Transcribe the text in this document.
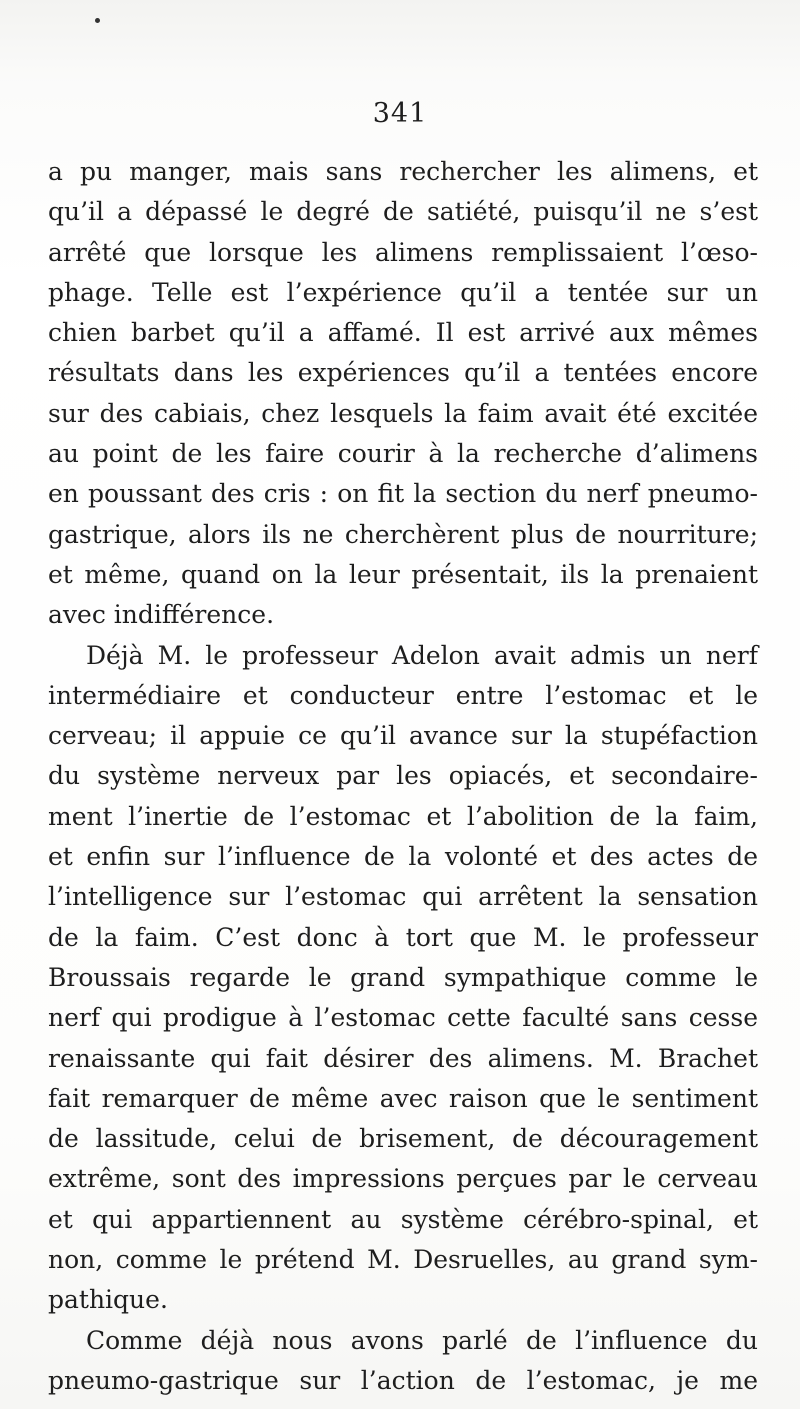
341
a pu manger, mais sans rechercher les alimens, et
qu’il a dépassé le degré de satiété, puisqu’il ne s’est
arrêté que lorsque les alimens remplissaient l’œso-
phage. Telle est l’expérience qu’il a tentée sur un
chien barbet qu’il a affamé. Il est arrivé aux mêmes
résultats dans les expériences qu’il a tentées encore
sur des cabiais, chez lesquels la faim avait été excitée
au point de les faire courir à la recherche d’alimens
en poussant des cris : on fit la section du nerf pneumo-
gastrique, alors ils ne cherchèrent plus de nourriture;
et même, quand on la leur présentait, ils la prenaient
avec indifférence.
Déjà M. le professeur Adelon avait admis un nerf
intermédiaire et conducteur entre l’estomac et le
cerveau; il appuie ce qu’il avance sur la stupéfaction
du système nerveux par les opiacés, et secondaire-
ment l’inertie de l’estomac et l’abolition de la faim,
et enfin sur l’influence de la volonté et des actes de
l’intelligence sur l’estomac qui arrêtent la sensation
de la faim. C’est donc à tort que M. le professeur
Broussais regarde le grand sympathique comme le
nerf qui prodigue à l’estomac cette faculté sans cesse
renaissante qui fait désirer des alimens. M. Brachet
fait remarquer de même avec raison que le sentiment
de lassitude, celui de brisement, de découragement
extrême, sont des impressions perçues par le cerveau
et qui appartiennent au système cérébro-spinal, et
non, comme le prétend M. Desruelles, au grand sym-
pathique.
Comme déjà nous avons parlé de l’influence du
pneumo-gastrique sur l’action de l’estomac, je me
